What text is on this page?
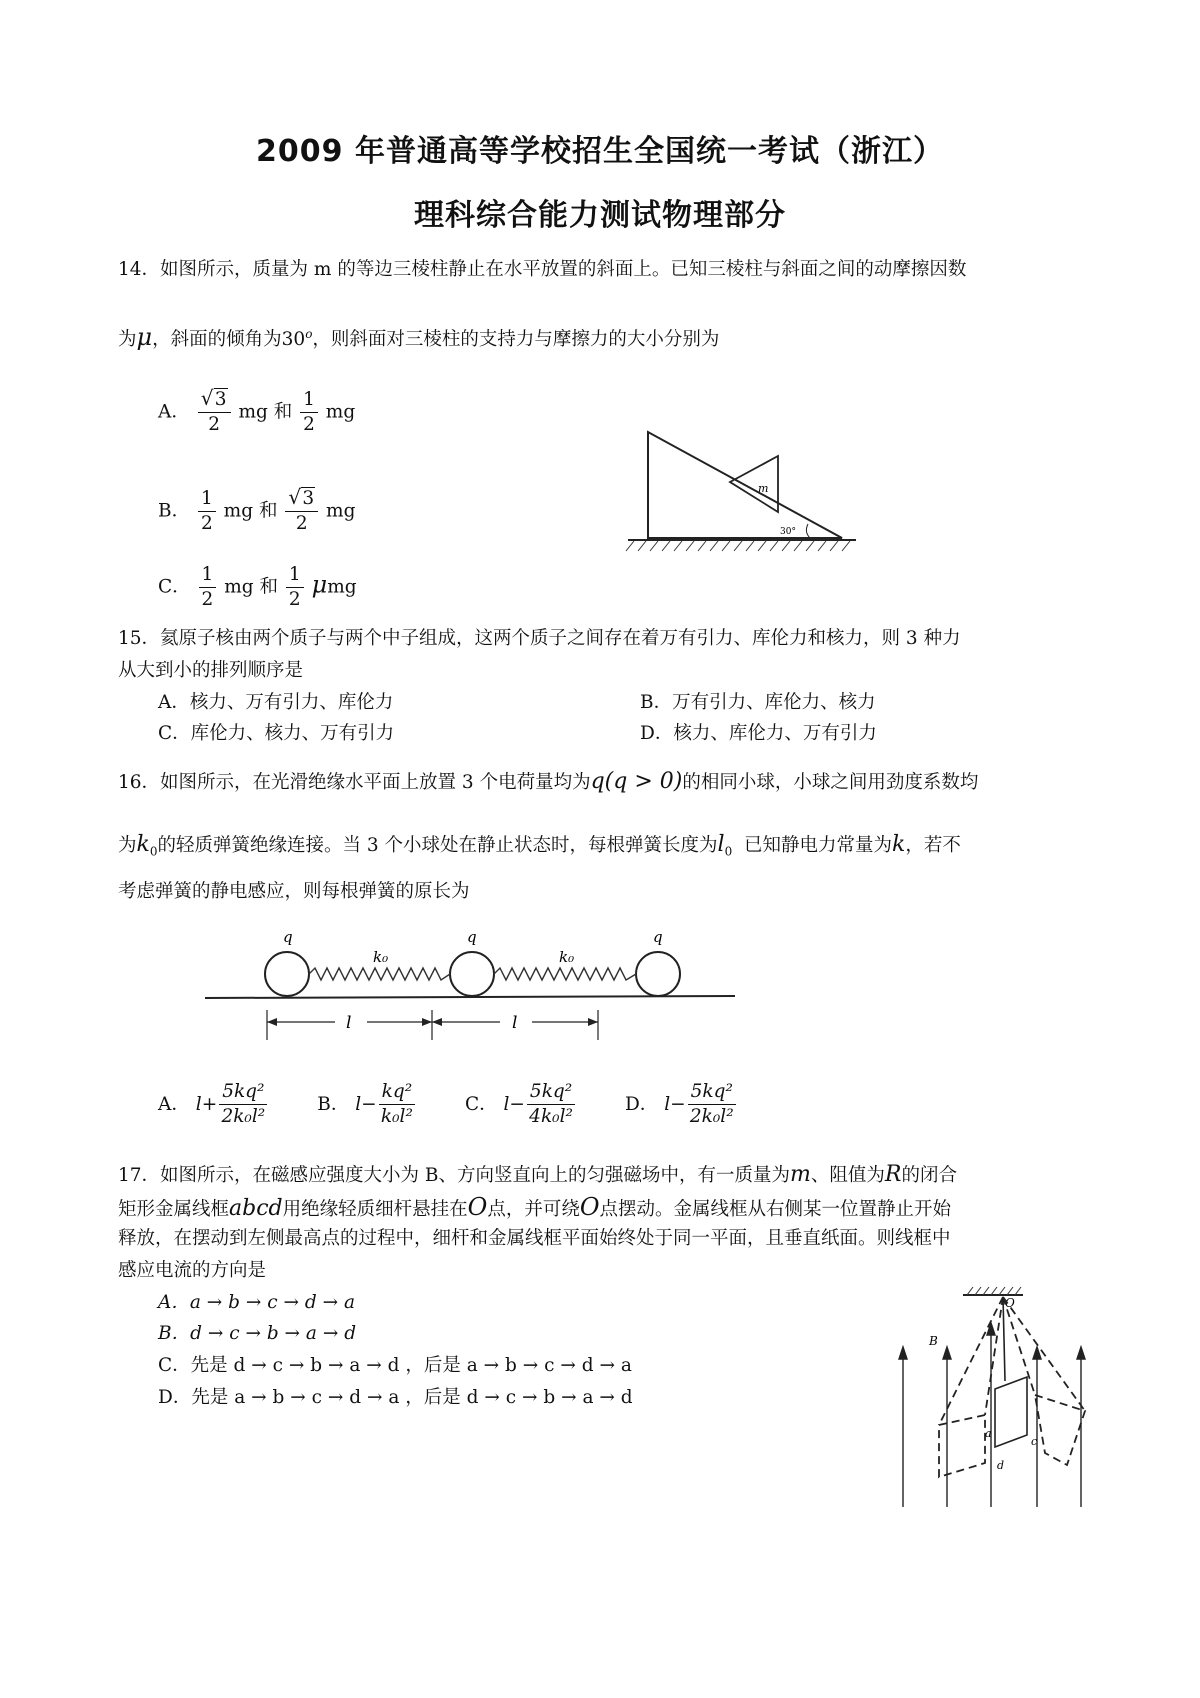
2009 年普通高等学校招生全国统一考试（浙江）
理科综合能力测试物理部分
14．如图所示，质量为 m 的等边三棱柱静止在水平放置的斜面上。已知三棱柱与斜面之间的动摩擦因数
为μ，斜面的倾角为30$^o$，则斜面对三棱柱的支持力与摩擦力的大小分别为
A． $\frac{√ 3}{2}$ mg 和 $\frac{1}{2}$ mg
B． $\frac{1}{2}$ mg 和 $\frac{√ 3}{2}$ mg
C． $\frac{1}{2}$ mg 和 $\frac{1}{2}$ μmg
m
30°
15．氦原子核由两个质子与两个中子组成，这两个质子之间存在着万有引力、库伦力和核力，则 3 种力
从大到小的排列顺序是
A．核力、万有引力、库伦力	B．万有引力、库伦力、核力
C．库伦力、核力、万有引力	D．核力、库伦力、万有引力
16．如图所示，在光滑绝缘水平面上放置 3 个电荷量均为q(q > 0)的相同小球，小球之间用劲度系数均
为$k_0$的轻质弹簧绝缘连接。当 3 个小球处在静止状态时，每根弹簧长度为$l_0$ 已知静电力常量为k，若不
考虑弹簧的静电感应，则每根弹簧的原长为
q	q	q
k₀	k₀
l	l
A． $l+ \frac{\text{5kq²}}{\text{2k₀l²}}$	B． $l- \frac{\text{kq²}}{\text{k₀l²}}$	C． $l- \frac{\text{5kq²}}{\text{4k₀l²}}$	D． $l- \frac{\text{5kq²}}{\text{2k₀l²}}$
17．如图所示，在磁感应强度大小为 B、方向竖直向上的匀强磁场中，有一质量为m、阻值为R的闭合
矩形金属线框abcd用绝缘轻质细杆悬挂在O点，并可绕O点摆动。金属线框从右侧某一位置静止开始
释放，在摆动到左侧最高点的过程中，细杆和金属线框平面始终处于同一平面，且垂直纸面。则线框中
感应电流的方向是
A．a → b → c → d → a
B．d → c → b → a → d
C．先是 d → c → b → a → d ，后是 a → b → c → d → a
D．先是 a → b → c → d → a ，后是 d → c → b → a → d
O
B
a
c
d
